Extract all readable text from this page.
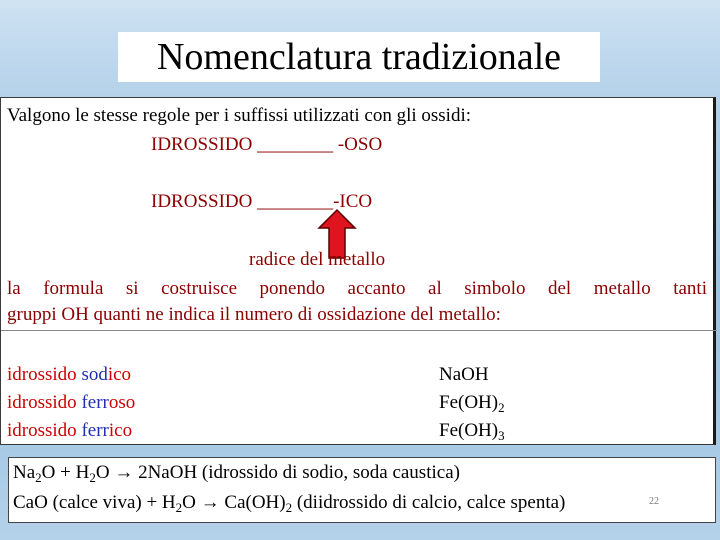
Nomenclatura tradizionale
Valgono le stesse regole per i suffissi utilizzati con gli ossidi:
IDROSSIDO ________ -OSO
IDROSSIDO ________-ICO
radice del metallo
la formula si costruisce ponendo accanto al simbolo del metallo tanti
gruppi OH quanti ne indica il numero di ossidazione del metallo:
idrossido sodico
idrossido ferroso
idrossido ferrico
NaOH
$Fe(OH)_2$
$Fe(OH)_3$
$Na_2O + H_2O$ → 2NaOH (idrossido di sodio, soda caustica)
CaO (calce viva) + $H_2O \to Ca(OH)_2$ (diidrossido di calcio, calce spenta)	22
